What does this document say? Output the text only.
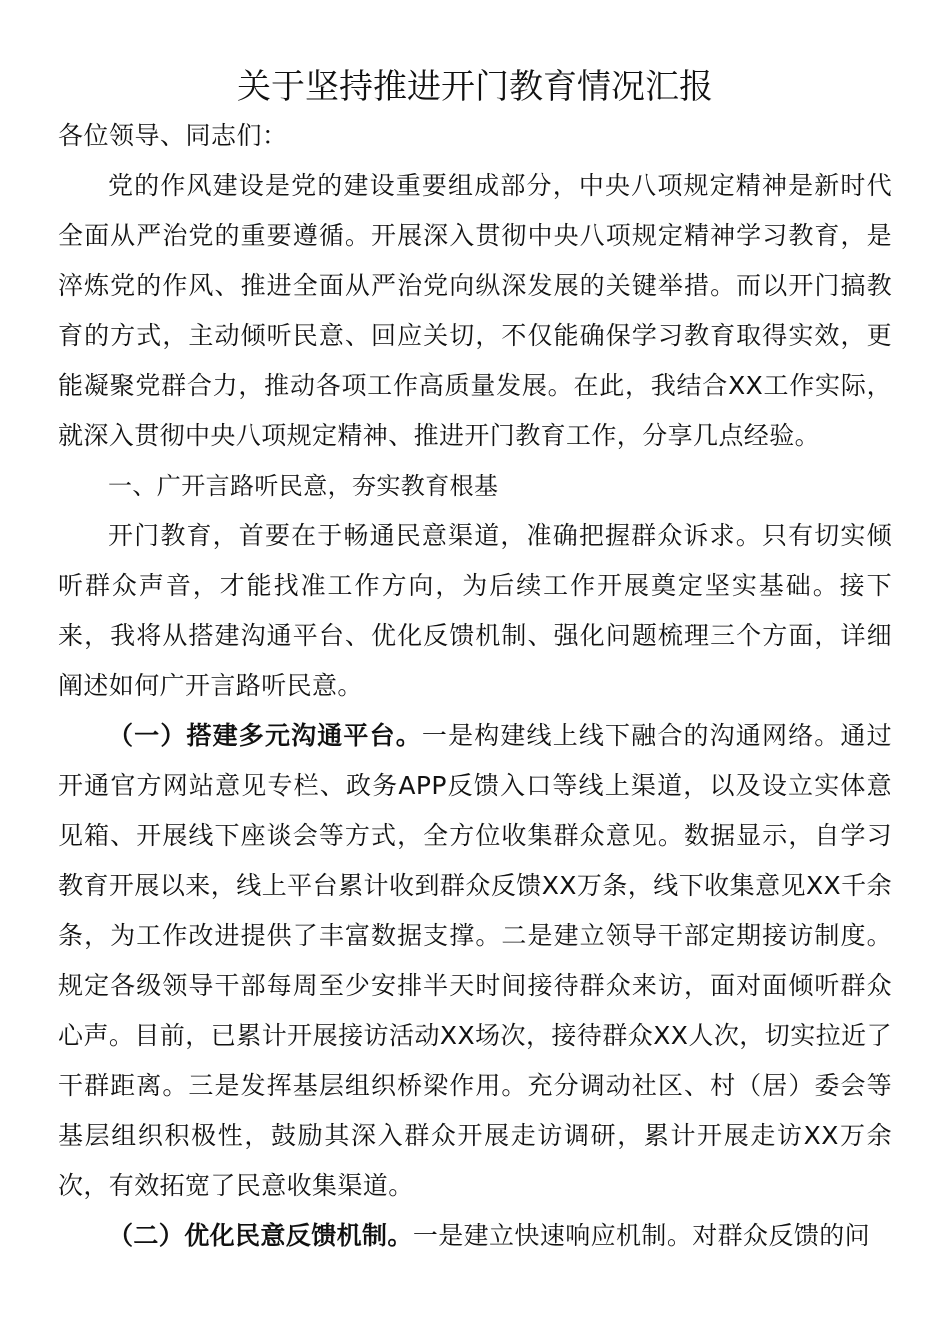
关于坚持推进开门教育情况汇报

各位领导、同志们：

党的作风建设是党的建设重要组成部分，中央八项规定精神是新时代全面从严治党的重要遵循。开展深入贯彻中央八项规定精神学习教育，是淬炼党的作风、推进全面从严治党向纵深发展的关键举措。而以开门搞教育的方式，主动倾听民意、回应关切，不仅能确保学习教育取得实效，更能凝聚党群合力，推动各项工作高质量发展。在此，我结合XX工作实际，就深入贯彻中央八项规定精神、推进开门教育工作，分享几点经验。

一、广开言路听民意，夯实教育根基

开门教育，首要在于畅通民意渠道，准确把握群众诉求。只有切实倾听群众声音，才能找准工作方向，为后续工作开展奠定坚实基础。接下来，我将从搭建沟通平台、优化反馈机制、强化问题梳理三个方面，详细阐述如何广开言路听民意。

（一）搭建多元沟通平台。一是构建线上线下融合的沟通网络。通过开通官方网站意见专栏、政务APP反馈入口等线上渠道，以及设立实体意见箱、开展线下座谈会等方式，全方位收集群众意见。数据显示，自学习教育开展以来，线上平台累计收到群众反馈XX万条，线下收集意见XX千余条，为工作改进提供了丰富数据支撑。二是建立领导干部定期接访制度。规定各级领导干部每周至少安排半天时间接待群众来访，面对面倾听群众心声。目前，已累计开展接访活动XX场次，接待群众XX人次，切实拉近了干群距离。三是发挥基层组织桥梁作用。充分调动社区、村（居）委会等基层组织积极性，鼓励其深入群众开展走访调研，累计开展走访XX万余次，有效拓宽了民意收集渠道。

（二）优化民意反馈机制。一是建立快速响应机制。对群众反馈的问
